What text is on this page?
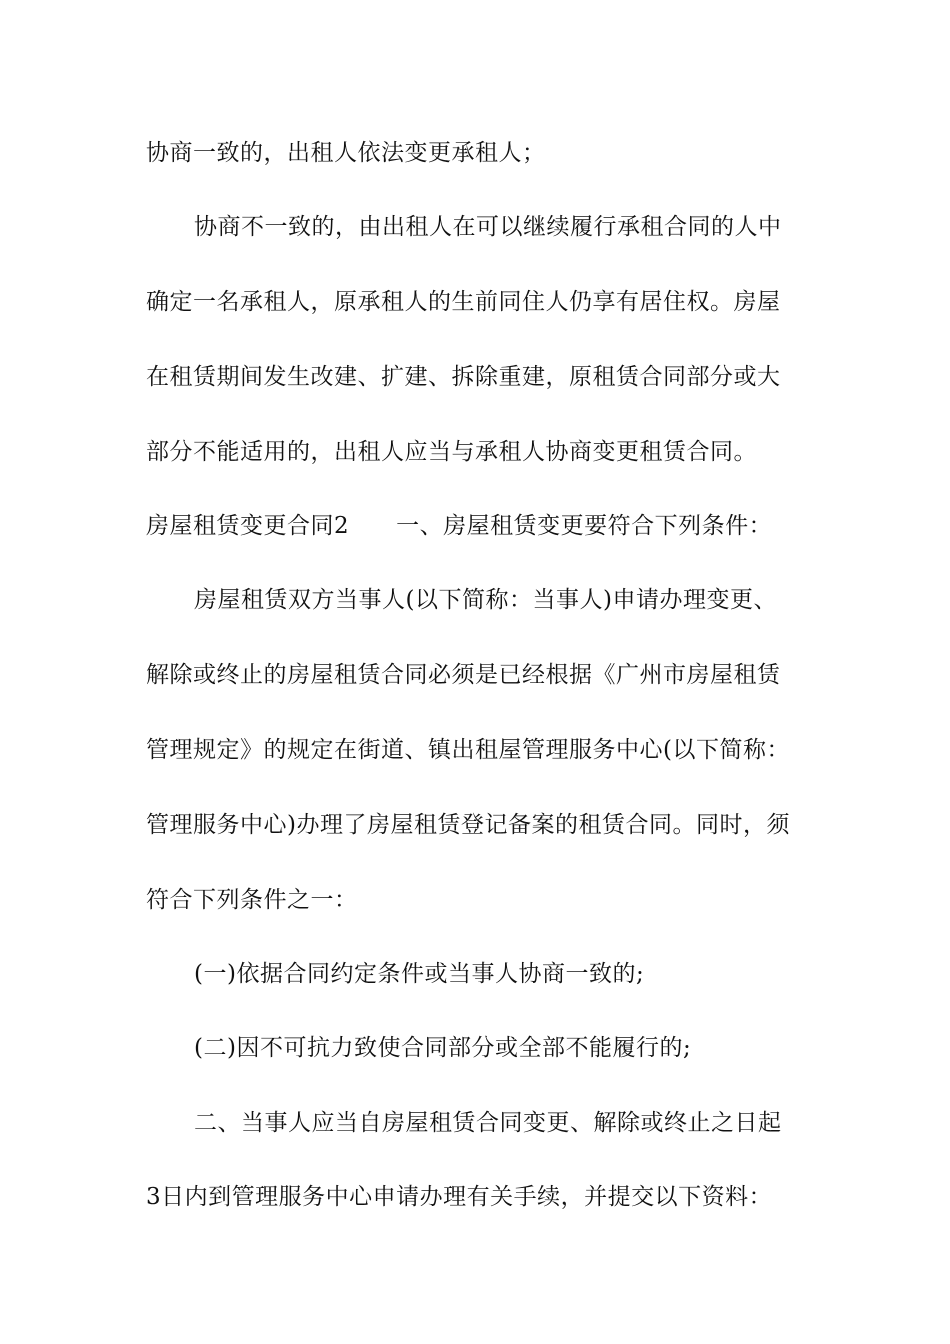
协商一致的，出租人依法变更承租人；
协商不一致的，由出租人在可以继续履行承租合同的人中
确定一名承租人，原承租人的生前同住人仍享有居住权。房屋
在租赁期间发生改建、扩建、拆除重建，原租赁合同部分或大
部分不能适用的，出租人应当与承租人协商变更租赁合同。
房屋租赁变更合同2　　一、房屋租赁变更要符合下列条件：
房屋租赁双方当事人(以下简称：当事人)申请办理变更、
解除或终止的房屋租赁合同必须是已经根据《广州市房屋租赁
管理规定》的规定在街道、镇出租屋管理服务中心(以下简称：
管理服务中心)办理了房屋租赁登记备案的租赁合同。同时，须
符合下列条件之一：
(一)依据合同约定条件或当事人协商一致的;
(二)因不可抗力致使合同部分或全部不能履行的;
二、当事人应当自房屋租赁合同变更、解除或终止之日起
3日内到管理服务中心申请办理有关手续，并提交以下资料：
